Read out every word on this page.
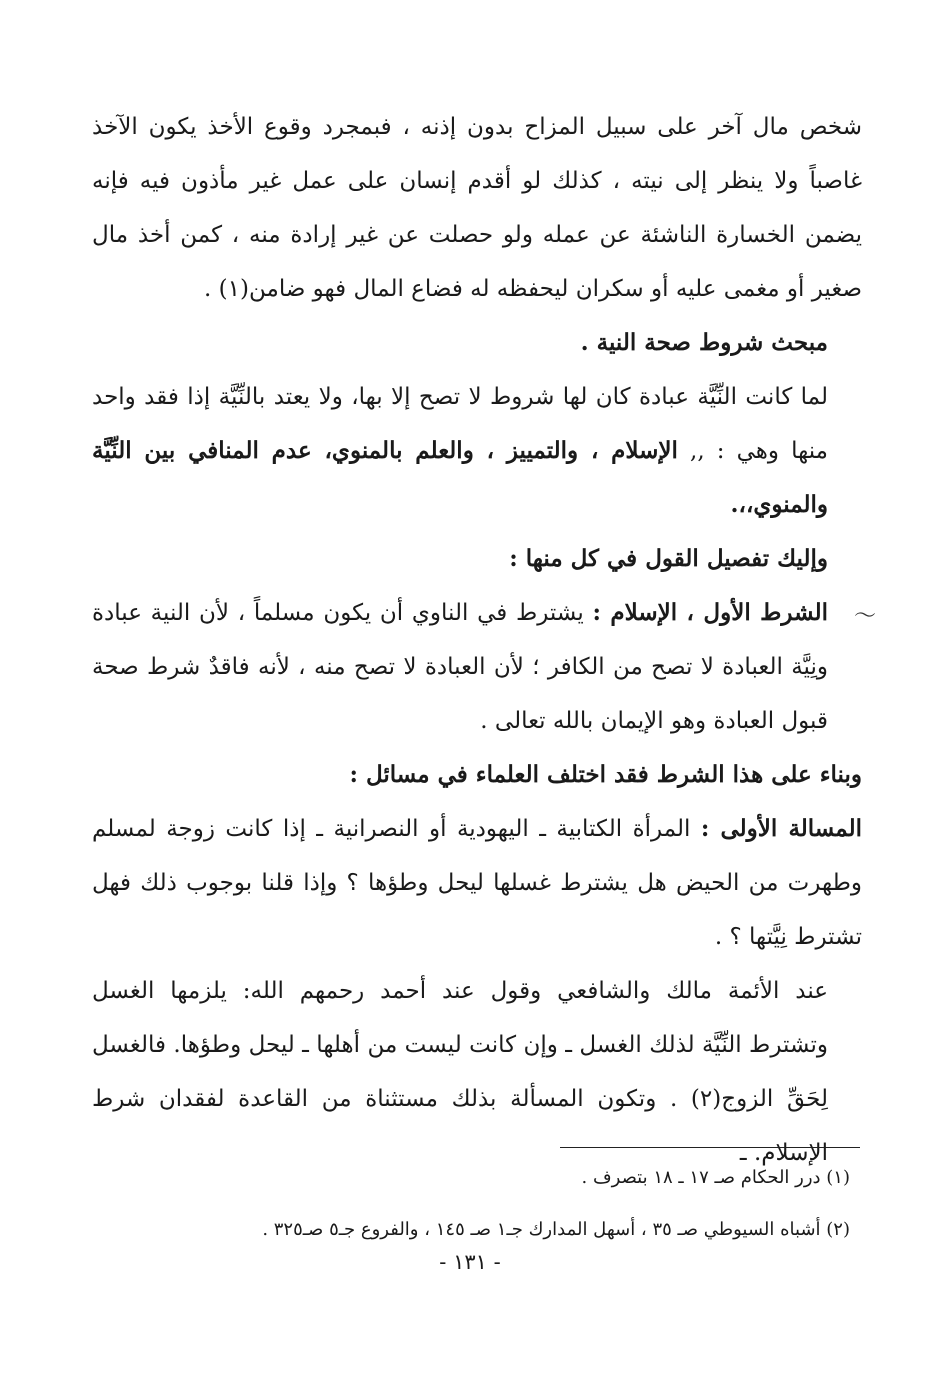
شخص مال آخر على سبيل المزاح بدون إذنه ، فبمجرد وقوع الأخذ يكون الآخذ غاصباً ولا ينظر إلى نيته ، كذلك لو أقدم إنسان على عمل غير مأذون فيه فإنه يضمن الخسارة الناشئة عن عمله ولو حصلت عن غير إرادة منه ، كمن أخذ مال صغير أو مغمى عليه أو سكران ليحفظه له فضاع المال فهو ضامن(١) .

مبحث شروط صحة النية .

لما كانت النِّيَّة عبادة كان لها شروط لا تصح إلا بها، ولا يعتد بالنِّيَّة إذا فقد واحد منها وهي : ,, الإسلام ، والتمييز ، والعلم بالمنوي، عدم المنافي بين النِّيَّة والمنوي،،.

وإليك تفصيل القول في كل منها :

〜
الشرط الأول ، الإسلام : يشترط في الناوي أن يكون مسلماً ، لأن النية عبادة ونِيَّة العبادة لا تصح من الكافر ؛ لأن العبادة لا تصح منه ، لأنه فاقدٌ شرط صحة قبول العبادة وهو الإيمان بالله تعالى .

وبناء على هذا الشرط فقد اختلف العلماء في مسائل :

المسالة الأولى : المرأة الكتابية ـ اليهودية أو النصرانية ـ إذا كانت زوجة لمسلم وطهرت من الحيض هل يشترط غسلها ليحل وطؤها ؟ وإذا قلنا بوجوب ذلك فهل تشترط نِيَّتها ؟ .

عند الأئمة مالك والشافعي وقول عند أحمد رحمهم الله: يلزمها الغسل وتشترط النِّيَّة لذلك الغسل ـ وإن كانت ليست من أهلها ـ ليحل وطؤها. فالغسل لِحَقِّ الزوج(٢) . وتكون المسألة بذلك مستثناة من القاعدة لفقدان شرط الإسلام. ـ

(١) درر الحكام صـ ١٧ ـ ١٨ بتصرف .

(٢) أشباه السيوطي صـ ٣٥ ، أسهل المدارك جـ١ صـ ١٤٥ ، والفروع جـ٥ صـ٣٢٥ .

- ١٣١ -
